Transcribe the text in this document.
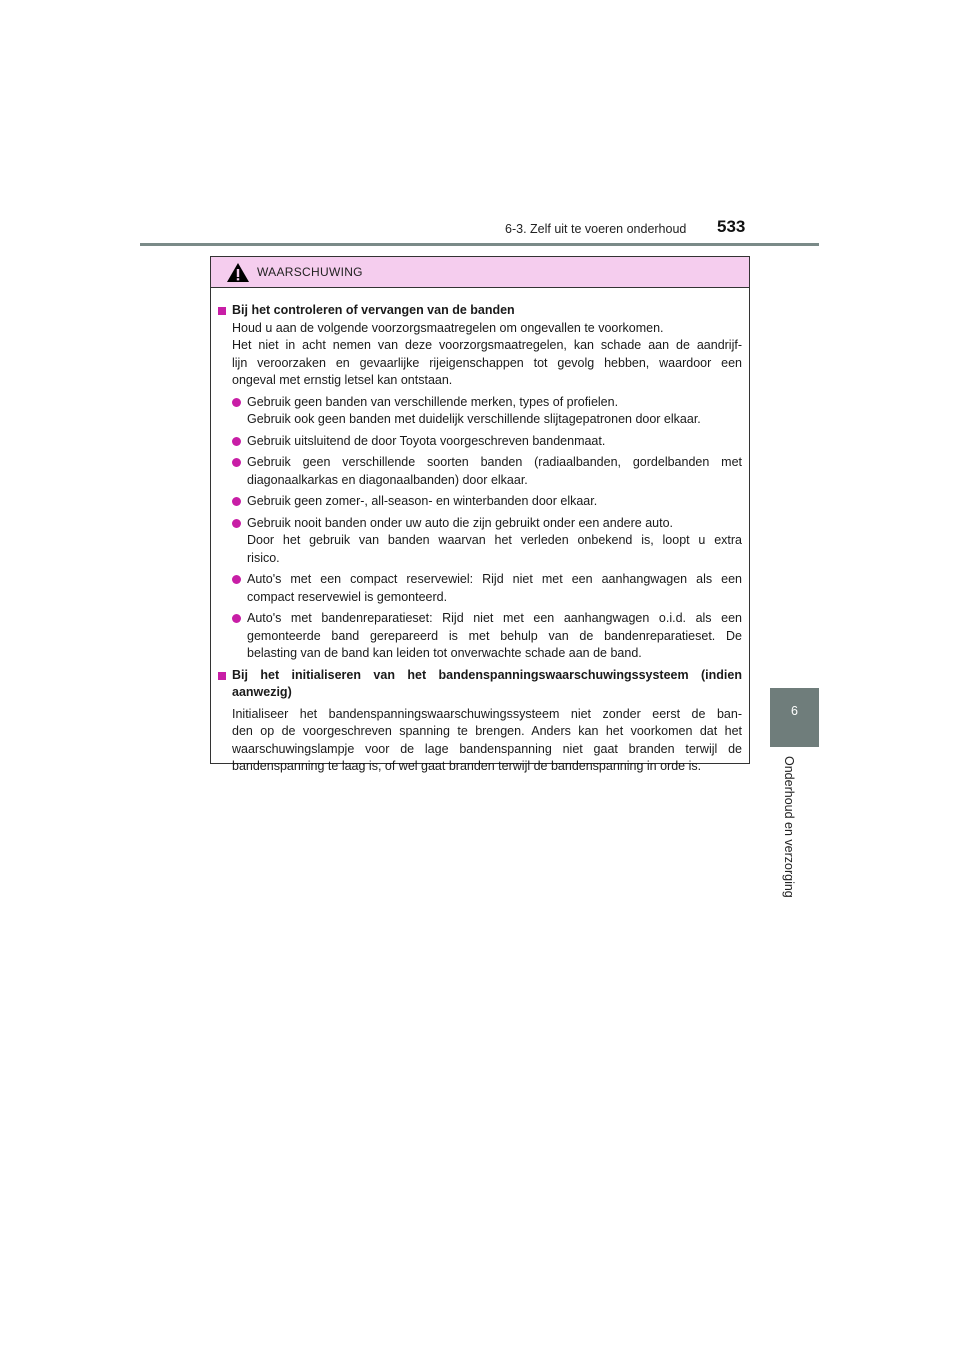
6-3. Zelf uit te voeren onderhoud 533
6
Onderhoud en verzorging
WAARSCHUWING
Bij het controleren of vervangen van de banden
Houd u aan de volgende voorzorgsmaatregelen om ongevallen te voorkomen.
Het niet in acht nemen van deze voorzorgsmaatregelen, kan schade aan de aandrijf-
lijn veroorzaken en gevaarlijke rijeigenschappen tot gevolg hebben, waardoor een
ongeval met ernstig letsel kan ontstaan.
Gebruik geen banden van verschillende merken, types of profielen.
Gebruik ook geen banden met duidelijk verschillende slijtagepatronen door elkaar.
Gebruik uitsluitend de door Toyota voorgeschreven bandenmaat.
Gebruik geen verschillende soorten banden (radiaalbanden, gordelbanden met
diagonaalkarkas en diagonaalbanden) door elkaar.
Gebruik geen zomer-, all-season- en winterbanden door elkaar.
Gebruik nooit banden onder uw auto die zijn gebruikt onder een andere auto.
Door het gebruik van banden waarvan het verleden onbekend is, loopt u extra
risico.
Auto's met een compact reservewiel: Rijd niet met een aanhangwagen als een
compact reservewiel is gemonteerd.
Auto's met bandenreparatieset: Rijd niet met een aanhangwagen o.i.d. als een
gemonteerde band gerepareerd is met behulp van de bandenreparatieset. De
belasting van de band kan leiden tot onverwachte schade aan de band.
Bij het initialiseren van het bandenspanningswaarschuwingssysteem (indien
aanwezig)
Initialiseer het bandenspanningswaarschuwingssysteem niet zonder eerst de ban-
den op de voorgeschreven spanning te brengen. Anders kan het voorkomen dat het
waarschuwingslampje voor de lage bandenspanning niet gaat branden terwijl de
bandenspanning te laag is, of wel gaat branden terwijl de bandenspanning in orde is.
